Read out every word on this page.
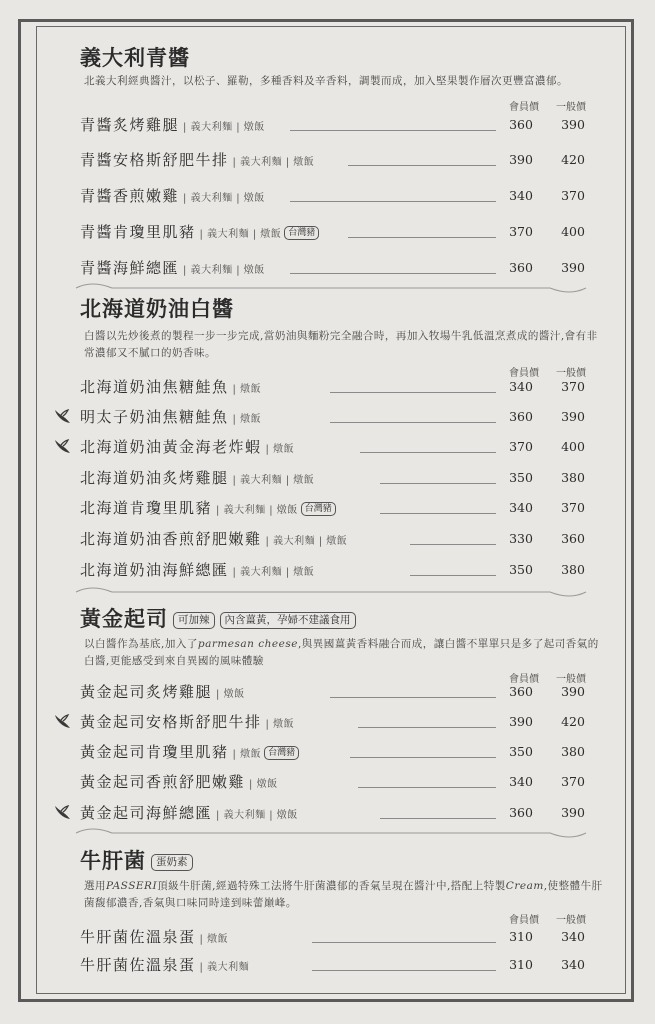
義大利青醬
北義大利經典醬汁，以松子、羅勒，多種香料及辛香料，調製而成，加入堅果製作層次更豐富濃郁。
會員價 一般價
青醬炙烤雞腿 | 義大利麵 | 燉飯	360	390
青醬安格斯舒肥牛排 | 義大利麵 | 燉飯	390	420
青醬香煎嫩雞 | 義大利麵 | 燉飯	340	370
青醬肯瓊里肌豬 | 義大利麵 | 燉飯 台灣豬	370	400
青醬海鮮總匯 | 義大利麵 | 燉飯	360	390
北海道奶油白醬
白醬以先炒後煮的製程一步一步完成,當奶油與麵粉完全融合時，再加入牧場牛乳低溫烹煮成的醬汁,會有非常濃郁又不膩口的奶香味。
會員價 一般價
北海道奶油焦糖鮭魚 | 燉飯	340	370
明太子奶油焦糖鮭魚 | 燉飯	360	390
北海道奶油黃金海老炸蝦 | 燉飯	370	400
北海道奶油炙烤雞腿 | 義大利麵 | 燉飯	350	380
北海道肯瓊里肌豬 | 義大利麵 | 燉飯 台灣豬	340	370
北海道奶油香煎舒肥嫩雞 | 義大利麵 | 燉飯	330	360
北海道奶油海鮮總匯 | 義大利麵 | 燉飯	350	380
黃金起司 可加辣 內含薑黃，孕婦不建議食用
以白醬作為基底,加入了parmesan cheese,與異國薑黃香料融合而成，讓白醬不單單只是多了起司香氣的白醬,更能感受到來自異國的風味體驗
會員價 一般價
黃金起司炙烤雞腿 | 燉飯	360	390
黃金起司安格斯舒肥牛排 | 燉飯	390	420
黃金起司肯瓊里肌豬 | 燉飯 台灣豬	350	380
黃金起司香煎舒肥嫩雞 | 燉飯	340	370
黃金起司海鮮總匯 | 義大利麵 | 燉飯	360	390
牛肝菌 蛋奶素
選用PASSERI頂級牛肝菌,經過特殊工法將牛肝菌濃郁的香氣呈現在醬汁中,搭配上特製Cream,使整體牛肝菌馥郁濃香,香氣與口味同時達到味蕾巔峰。
會員價 一般價
牛肝菌佐溫泉蛋 | 燉飯	310	340
牛肝菌佐溫泉蛋 | 義大利麵	310	340
